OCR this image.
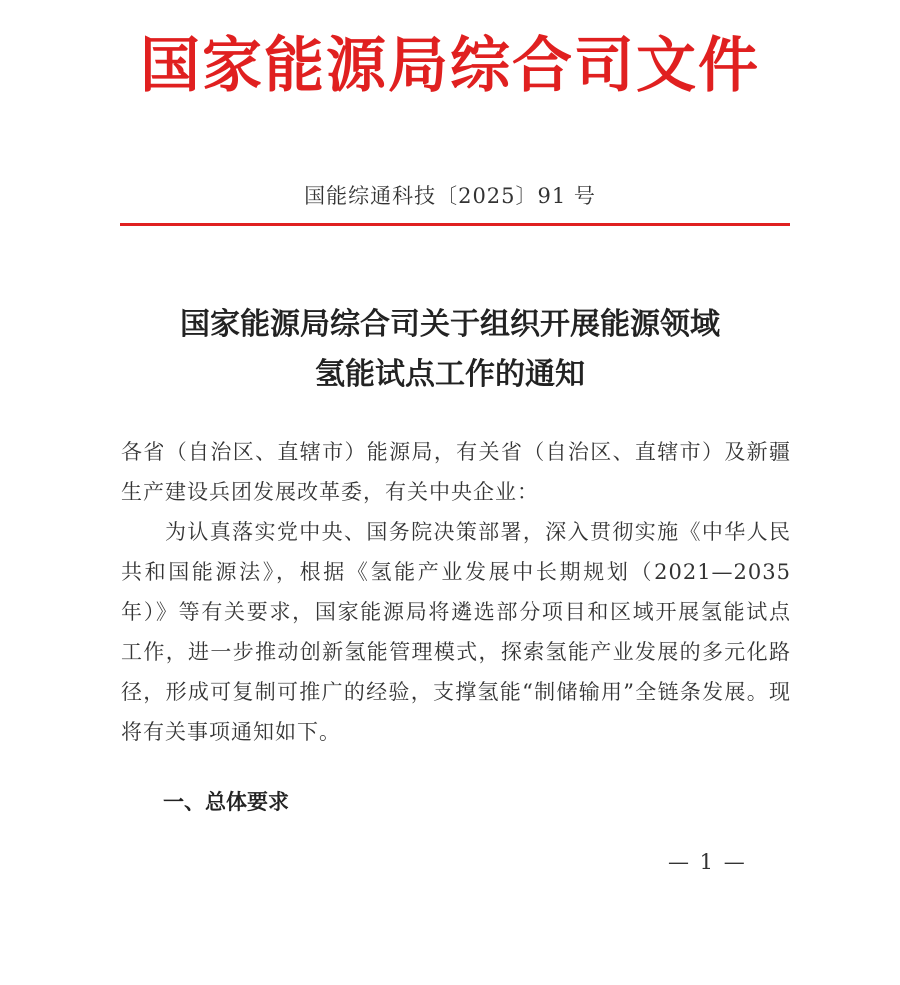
国家能源局综合司文件
国能综通科技〔2025〕91 号
国家能源局综合司关于组织开展能源领域
氢能试点工作的通知

各省（自治区、直辖市）能源局，有关省（自治区、直辖市）及新疆生产建设兵团发展改革委，有关中央企业：

为认真落实党中央、国务院决策部署，深入贯彻实施《中华人民共和国能源法》，根据《氢能产业发展中长期规划（2021—2035年）》等有关要求，国家能源局将遴选部分项目和区域开展氢能试点工作，进一步推动创新氢能管理模式，探索氢能产业发展的多元化路径，形成可复制可推广的经验，支撑氢能“制储输用”全链条发展。现将有关事项通知如下。

一、总体要求
— 1 —
